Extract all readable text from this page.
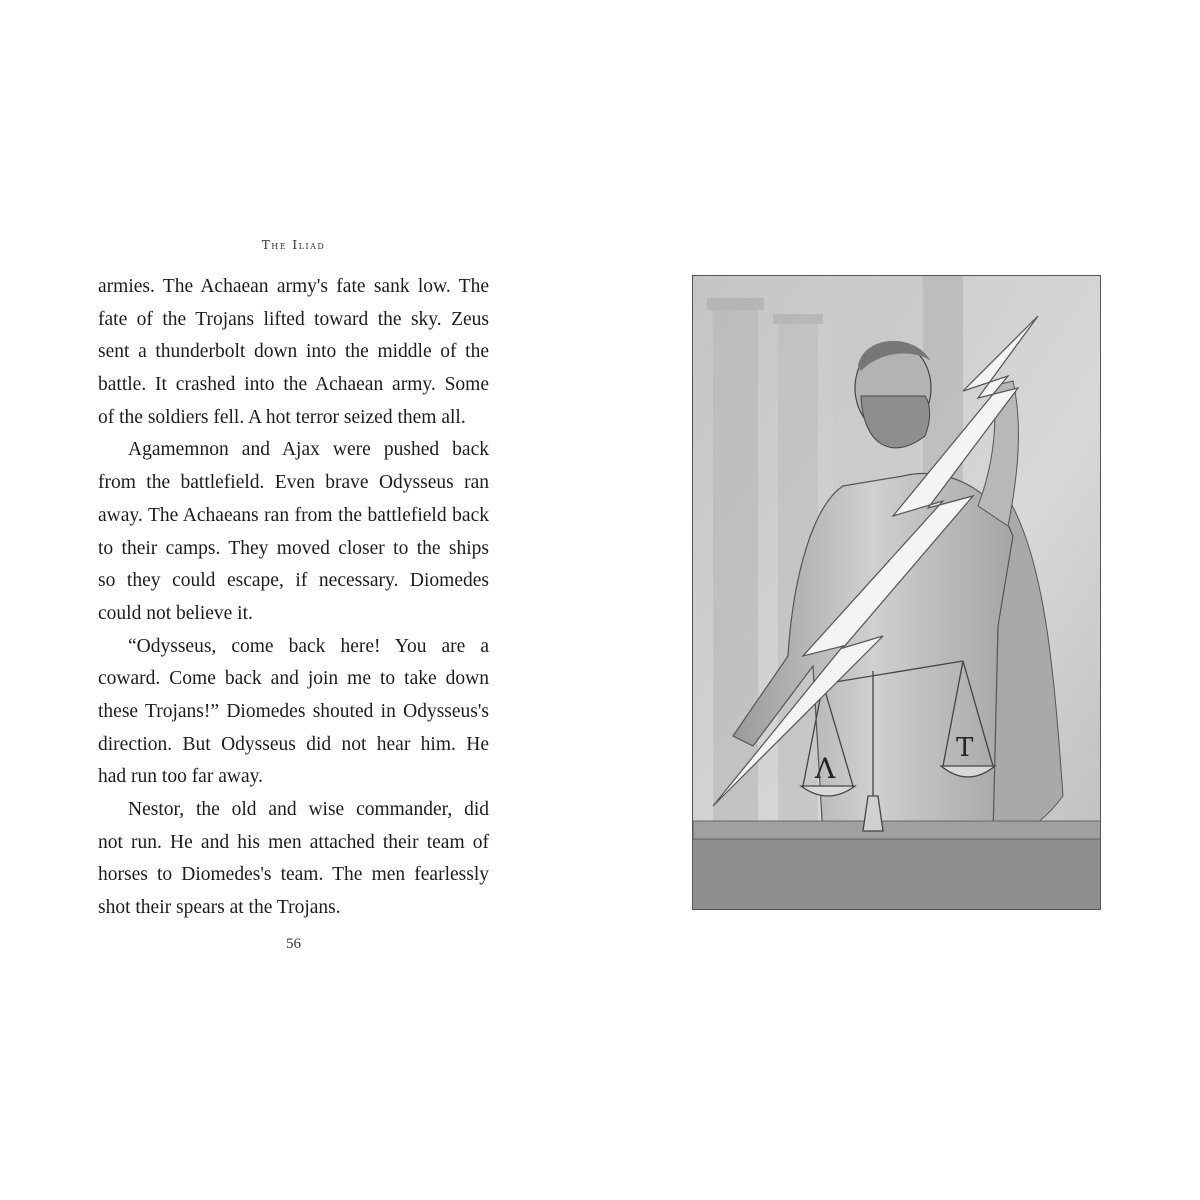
The Iliad
armies. The Achaean army's fate sank low. The
fate of the Trojans lifted toward the sky. Zeus
sent a thunderbolt down into the middle of the
battle. It crashed into the Achaean army. Some
of the soldiers fell. A hot terror seized them all.
Agamemnon and Ajax were pushed back
from the battlefield. Even brave Odysseus ran
away. The Achaeans ran from the battlefield back
to their camps. They moved closer to the ships
so they could escape, if necessary. Diomedes
could not believe it.
“Odysseus, come back here! You are a
coward. Come back and join me to take down
these Trojans!” Diomedes shouted in Odysseus's
direction. But Odysseus did not hear him. He
had run too far away.
Nestor, the old and wise commander, did
not run. He and his men attached their team of
horses to Diomedes's team. The men fearlessly
shot their spears at the Trojans.
56
Λ
T
